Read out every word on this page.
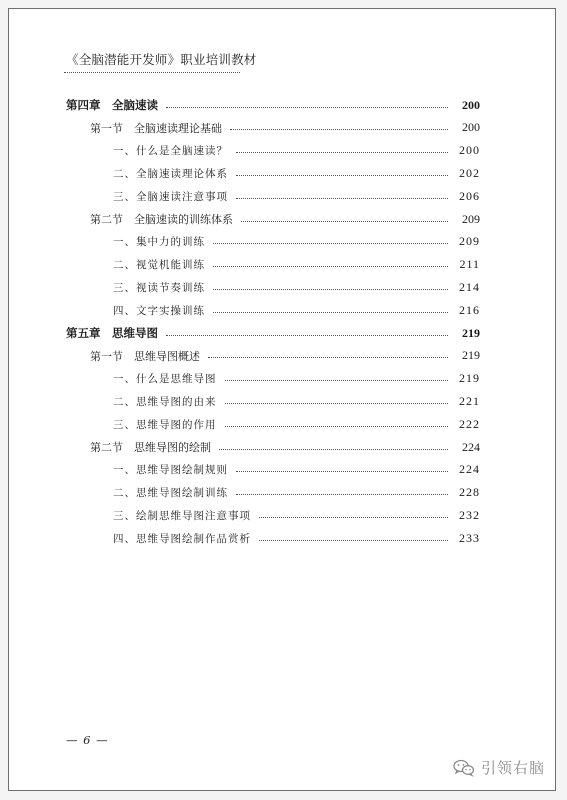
《全脑潜能开发师》职业培训教材
第四章　全脑速读	200
第一节　全脑速读理论基础	200
一、什么是全脑速读？	200
二、全脑速读理论体系	202
三、全脑速读注意事项	206
第二节　全脑速读的训练体系	209
一、集中力的训练	209
二、视觉机能训练	211
三、视读节奏训练	214
四、文字实操训练	216
第五章　思维导图	219
第一节　思维导图概述	219
一、什么是思维导图	219
二、思维导图的由来	221
三、思维导图的作用	222
第二节　思维导图的绘制	224
一、思维导图绘制规则	224
二、思维导图绘制训练	228
三、绘制思维导图注意事项	232
四、思维导图绘制作品赏析	233
— 6 —
引领右脑
